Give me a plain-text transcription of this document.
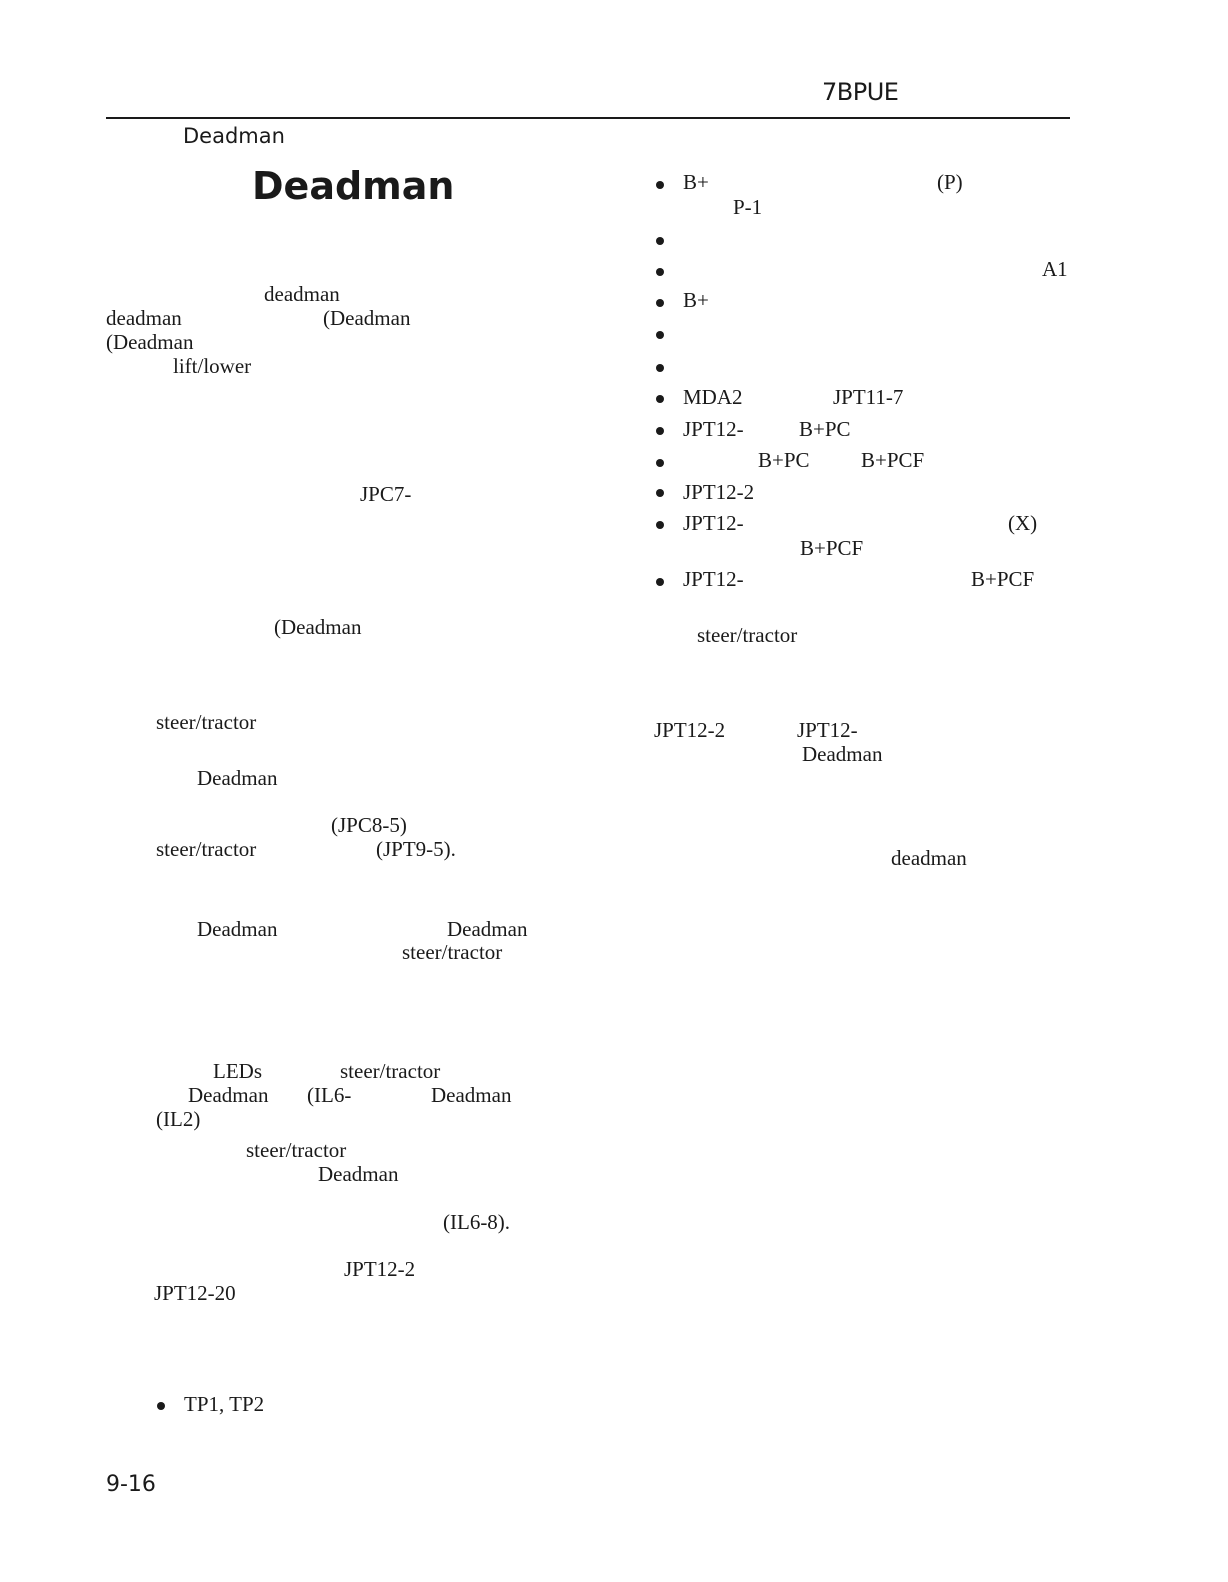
7BPUE
Deadman
Deadman
deadman
deadman	(Deadman
(Deadman
lift/lower
JPC7-
(Deadman
steer/tractor
Deadman
(JPC8-5)
steer/tractor	(JPT9-5).
Deadman	Deadman
steer/tractor
LEDs	steer/tractor
Deadman (IL6-	Deadman
(IL2)
steer/tractor
Deadman
(IL6-8).
JPT12-2
JPT12-20
TP1, TP2
B+	(P)
P-1
A1
B+
MDA2	JPT11-7
JPT12-	B+PC
B+PC B+PCF
JPT12-2
JPT12-	(X)
B+PCF
JPT12-	B+PCF
steer/tractor
JPT12-2	JPT12-
Deadman
deadman
9-16
